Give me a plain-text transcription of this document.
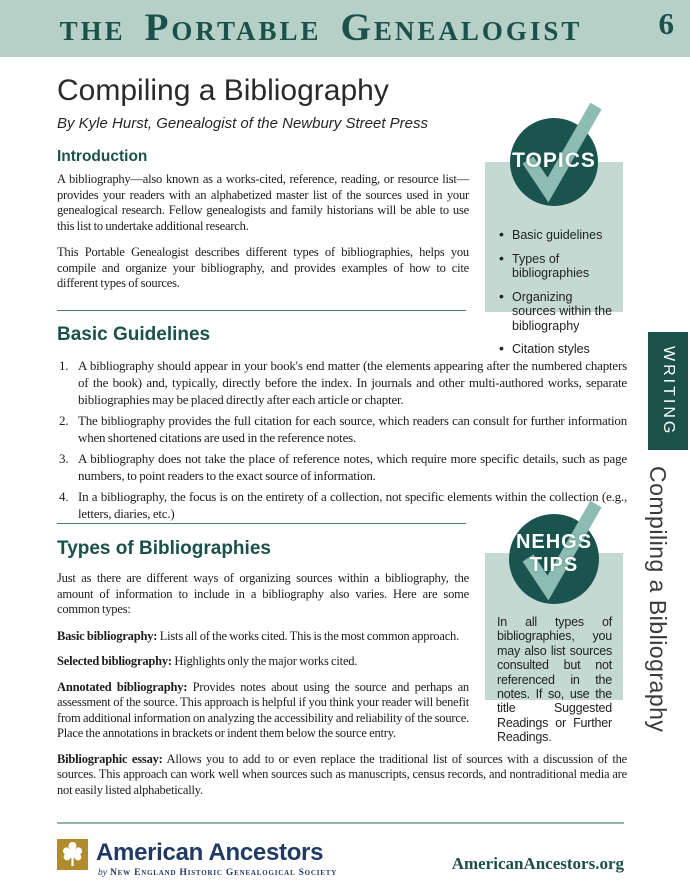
THE PORTABLE GENEALOGIST	6
Compiling a Bibliography
By Kyle Hurst, Genealogist of the Newbury Street Press
Introduction

A bibliography—also known as a works-cited, reference, reading, or resource list—provides your readers with an alphabetized master list of the sources used in your genealogical research. Fellow genealogists and family historians will be able to use this list to undertake additional research.

This Portable Genealogist describes different types of bibliographies, helps you compile and organize your bibliography, and provides examples of how to cite different types of sources.

• Basic guidelines
• Types of bibliographies
• Organizing sources within the bibliography
• Citation styles
TOPICS
Basic Guidelines
A bibliography should appear in your book's end matter (the elements appearing after the numbered chapters of the book) and, typically, directly before the index. In journals and other multi-authored works, separate bibliographies may be placed directly after each article or chapter.
The bibliography provides the full citation for each source, which readers can consult for further information when shortened citations are used in the reference notes.
A bibliography does not take the place of reference notes, which require more specific details, such as page numbers, to point readers to the exact source of information.
In a bibliography, the focus is on the entirety of a collection, not specific elements within the collection (e.g., letters, diaries, etc.)
Types of Bibliographies

Just as there are different ways of organizing sources within a bibliography, the amount of information to include in a bibliography also varies. Here are some common types:

Basic bibliography: Lists all of the works cited. This is the most common approach.

Selected bibliography: Highlights only the major works cited.

Annotated bibliography: Provides notes about using the source and perhaps an assessment of the source. This approach is helpful if you think your reader will benefit from additional information on analyzing the accessibility and reliability of the source. Place the annotations in brackets or indent them below the source entry.

Bibliographic essay: Allows you to add to or even replace the traditional list of sources with a discussion of the sources. This approach can work well when sources such as manuscripts, census records, and nontraditional media are not easily listed alphabetically.

In all types of bibliographies, you may also list sources consulted but not referenced in the notes. If so, use the title Suggested Readings or Further Readings.

NEHGS
TIPS
WRITING
Compiling a Bibliography
American Ancestors
by New England Historic Genealogical Society	AmericanAncestors.org
